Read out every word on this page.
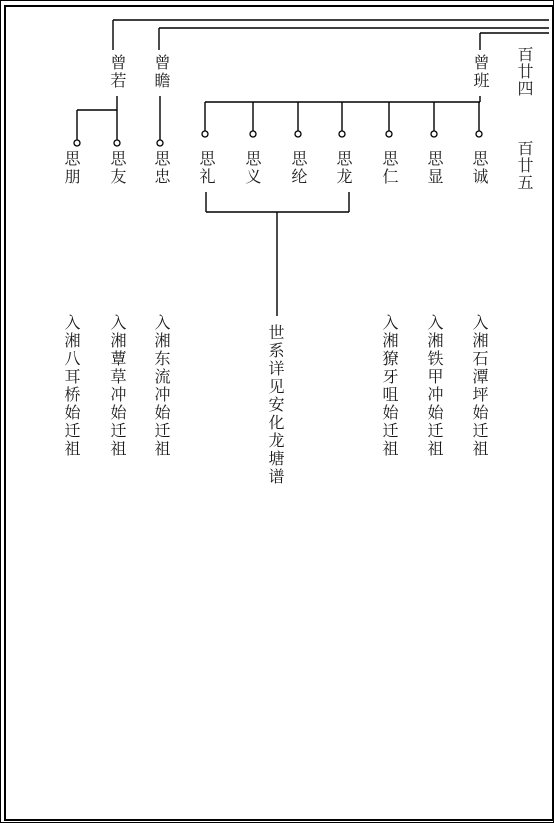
百廿四
百廿五
曾若 曾瞻	曾班
思朋 思友 思忠 思礼 思义 思纶 思龙 思仁 思显 思诚
入湘八耳桥始迁祖 入湘蕈草冲始迁祖 入湘东流冲始迁祖	世系详见安化龙塘谱	入湘獠牙咀始迁祖 入湘铁甲冲始迁祖 入湘石潭坪始迁祖
